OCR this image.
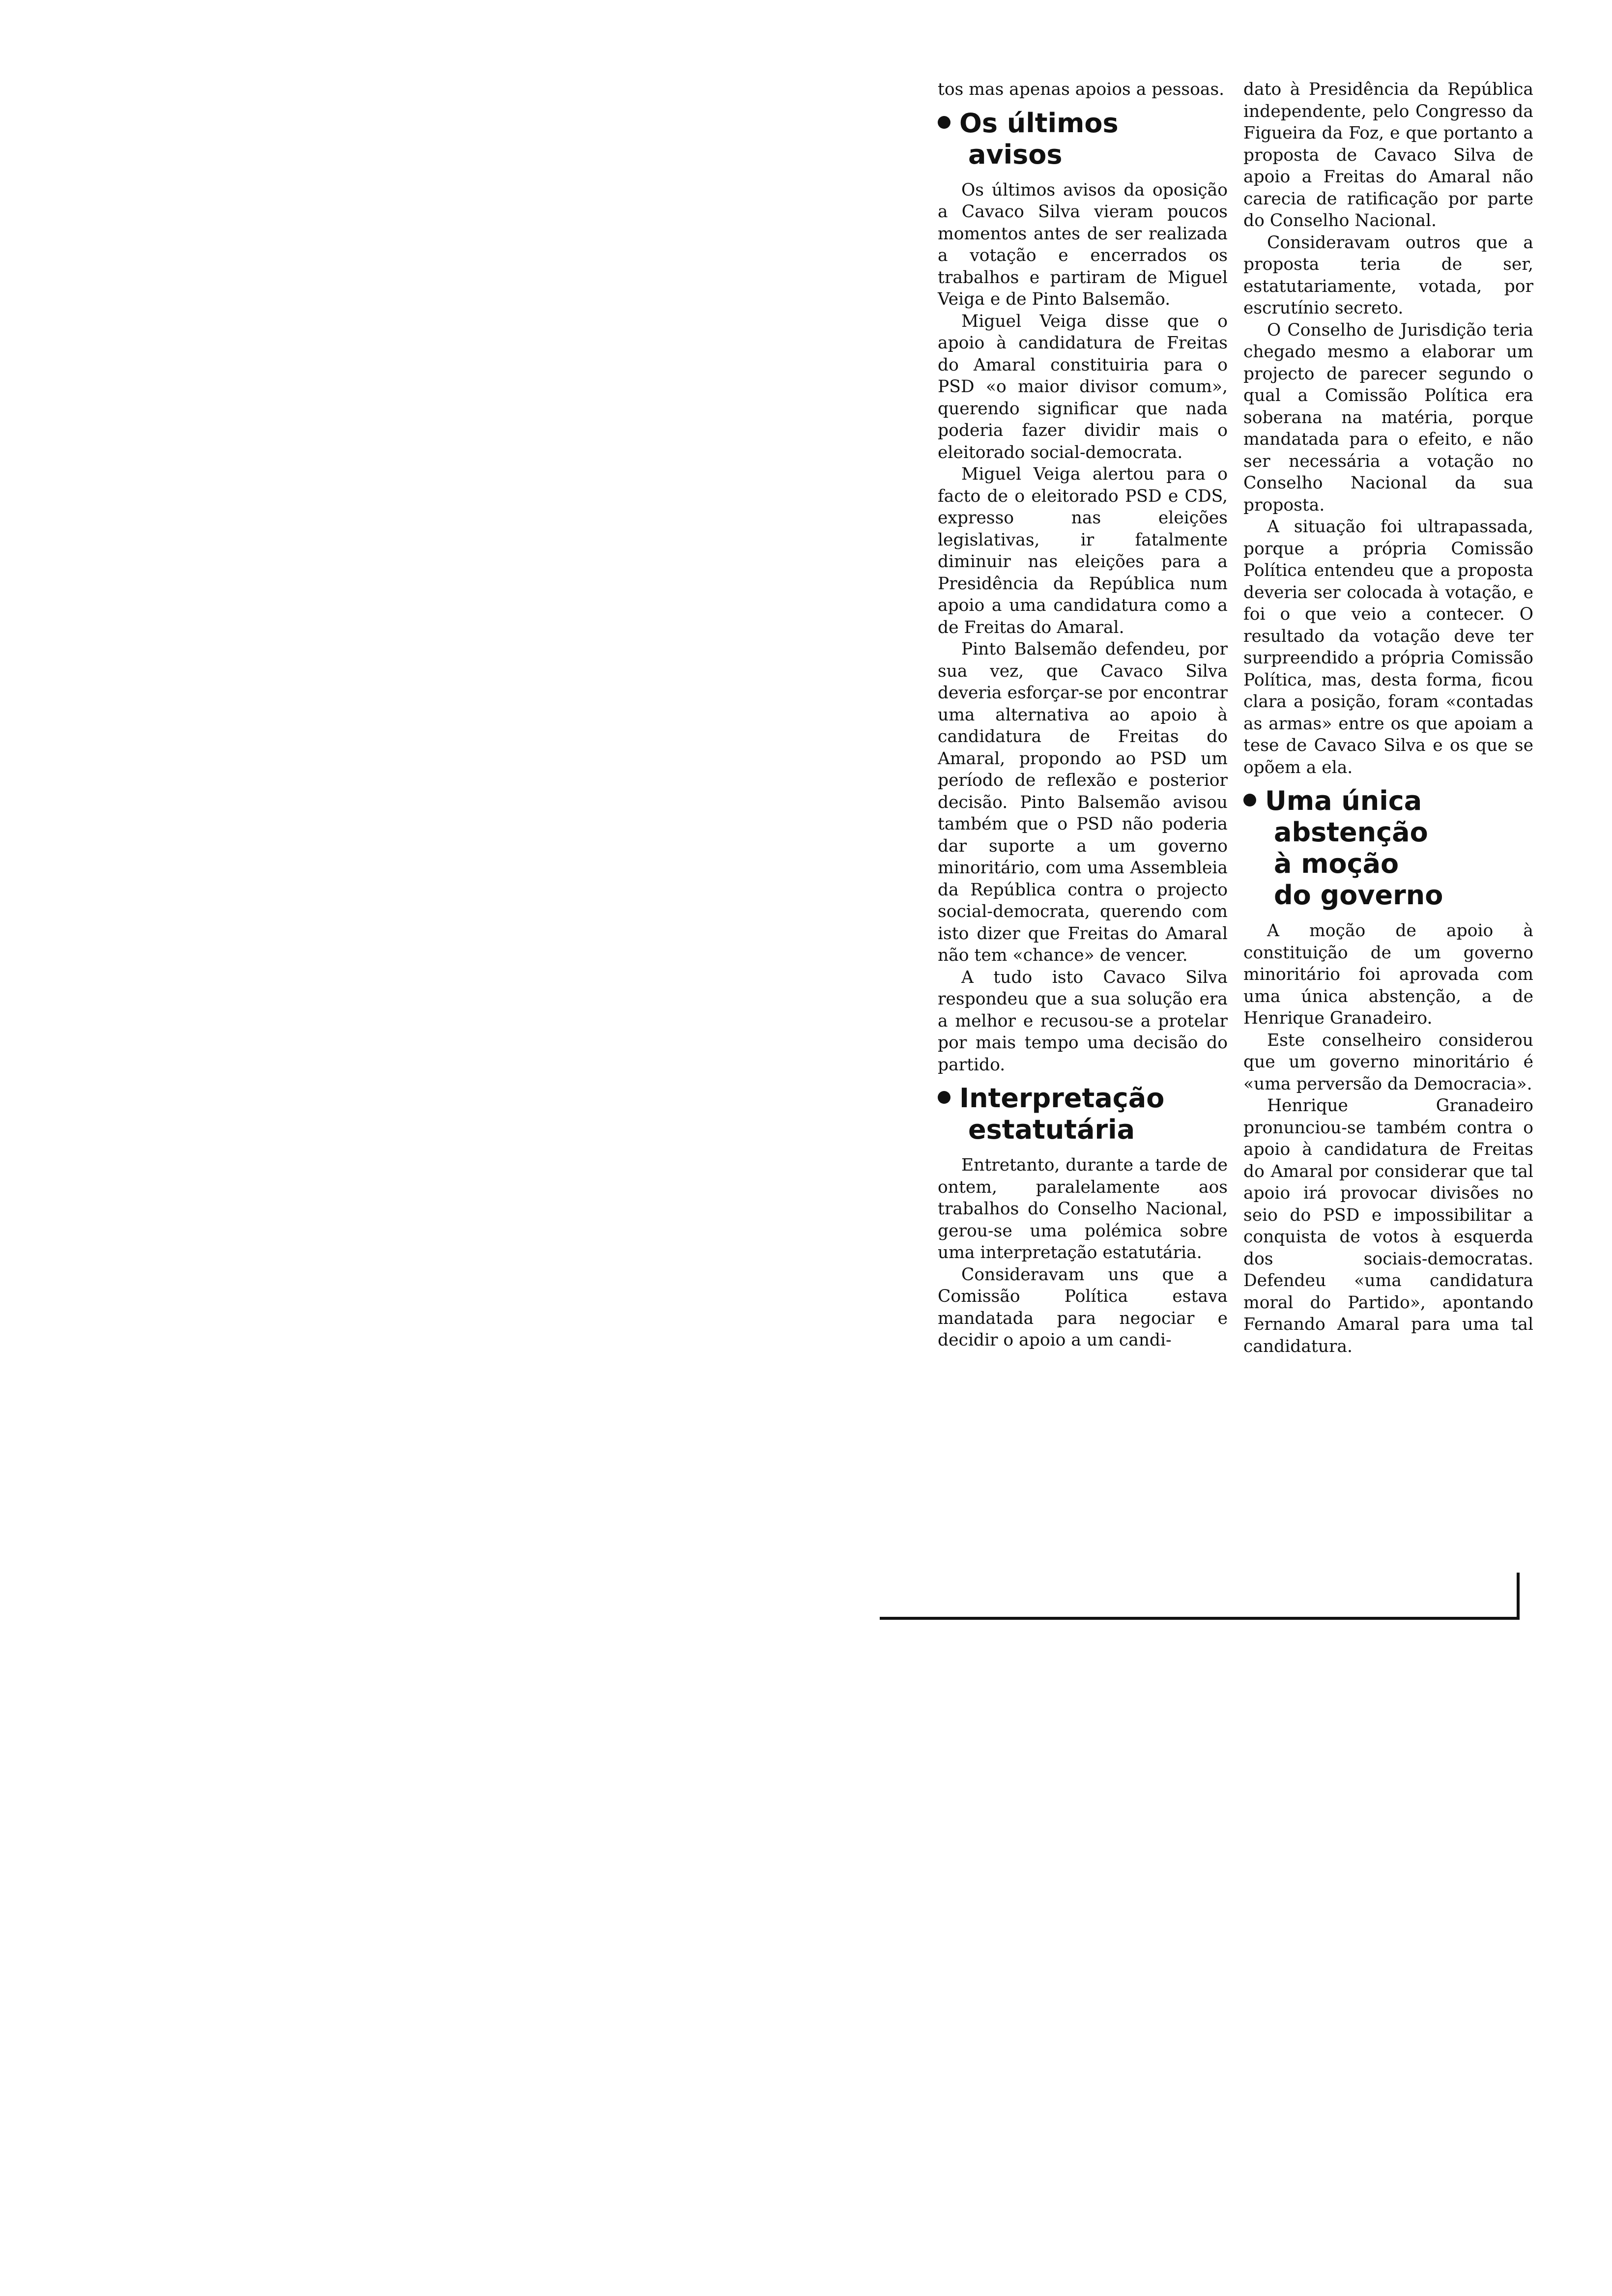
tos mas apenas apoios a pessoas.

Os últimos
avisos

Os últimos avisos da oposição a Cavaco Silva vieram poucos momentos antes de ser realizada a votação e encerrados os trabalhos e partiram de Miguel Veiga e de Pinto Balsemão.

Miguel Veiga disse que o apoio à candidatura de Freitas do Amaral constituiria para o PSD «o maior divisor comum», querendo significar que nada poderia fazer dividir mais o eleitorado social-democrata.

Miguel Veiga alertou para o facto de o eleitorado PSD e CDS, expresso nas eleições legislativas, ir fatalmente diminuir nas eleições para a Presidência da República num apoio a uma candidatura como a de Freitas do Amaral.

Pinto Balsemão defendeu, por sua vez, que Cavaco Silva deveria esforçar-se por encontrar uma alternativa ao apoio à candidatura de Freitas do Amaral, propondo ao PSD um período de reflexão e posterior decisão. Pinto Balsemão avisou também que o PSD não poderia dar suporte a um governo minoritário, com uma Assembleia da República contra o projecto social-democrata, querendo com isto dizer que Freitas do Amaral não tem «chance» de vencer.

A tudo isto Cavaco Silva respondeu que a sua solução era a melhor e recusou-se a protelar por mais tempo uma decisão do partido.

Interpretação
estatutária

Entretanto, durante a tarde de ontem, paralelamente aos trabalhos do Conselho Nacional, gerou-se uma polémica sobre uma interpretação estatutária.

Consideravam uns que a Comissão Política estava mandatada para negociar e decidir o apoio a um candi-

dato à Presidência da República independente, pelo Congresso da Figueira da Foz, e que portanto a proposta de Cavaco Silva de apoio a Freitas do Amaral não carecia de ratificação por parte do Conselho Nacional.

Consideravam outros que a proposta teria de ser, estatutariamente, votada, por escrutínio secreto.

O Conselho de Jurisdição teria chegado mesmo a elaborar um projecto de parecer segundo o qual a Comissão Política era soberana na matéria, porque mandatada para o efeito, e não ser necessária a votação no Conselho Nacional da sua proposta.

A situação foi ultrapassada, porque a própria Comissão Política entendeu que a proposta deveria ser colocada à votação, e foi o que veio a contecer. O resultado da votação deve ter surpreendido a própria Comissão Política, mas, desta forma, ficou clara a posição, foram «contadas as armas» entre os que apoiam a tese de Cavaco Silva e os que se opõem a ela.

Uma única
abstenção
à moção
do governo

A moção de apoio à constituição de um governo minoritário foi aprovada com uma única abstenção, a de Henrique Granadeiro.

Este conselheiro considerou que um governo minoritário é «uma perversão da Democracia».

Henrique Granadeiro pronunciou-se também contra o apoio à candidatura de Freitas do Amaral por considerar que tal apoio irá provocar divisões no seio do PSD e impossibilitar a conquista de votos à esquerda dos sociais-democratas. Defendeu «uma candidatura moral do Partido», apontando Fernando Amaral para uma tal candidatura.
